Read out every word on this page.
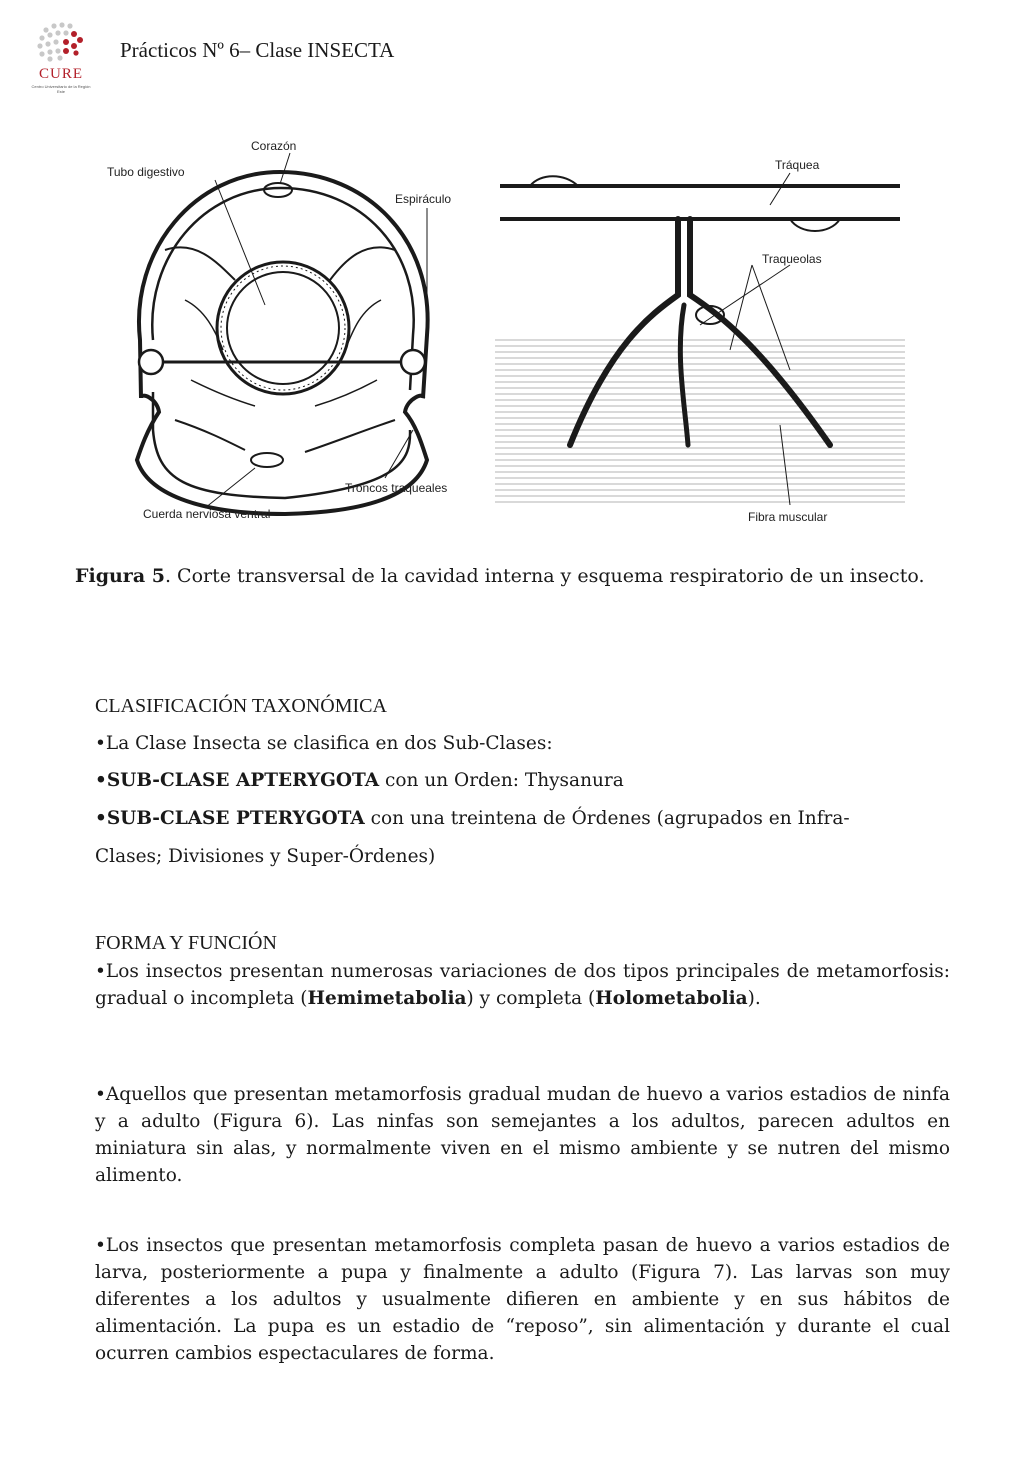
CURE
Centro Universitario de la Región Este
Prácticos Nº 6– Clase INSECTA
Corazón
Tubo digestivo
Espiráculo
Troncos traqueales
Cuerda nerviosa ventral
Tráquea
Traqueolas
Fibra muscular
Figura 5. Corte transversal de la cavidad interna y esquema respiratorio de un insecto.
CLASIFICACIÓN TAXONÓMICA
•La Clase Insecta se clasifica en dos Sub-Clases:
•SUB-CLASE APTERYGOTA con un Orden: Thysanura
•SUB-CLASE PTERYGOTA con una treintena de Órdenes (agrupados en Infra-
Clases; Divisiones y Super-Órdenes)
FORMA Y FUNCIÓN
•Los insectos presentan numerosas variaciones de dos tipos principales de metamorfosis: gradual o incompleta (Hemimetabolia) y completa (Holometabolia).
•Aquellos que presentan metamorfosis gradual mudan de huevo a varios estadios de ninfa y a adulto (Figura 6). Las ninfas son semejantes a los adultos, parecen adultos en miniatura sin alas, y normalmente viven en el mismo ambiente y se nutren del mismo alimento.
•Los insectos que presentan metamorfosis completa pasan de huevo a varios estadios de larva, posteriormente a pupa y finalmente a adulto (Figura 7). Las larvas son muy diferentes a los adultos y usualmente difieren en ambiente y en sus hábitos de alimentación. La pupa es un estadio de “reposo”, sin alimentación y durante el cual ocurren cambios espectaculares de forma.
